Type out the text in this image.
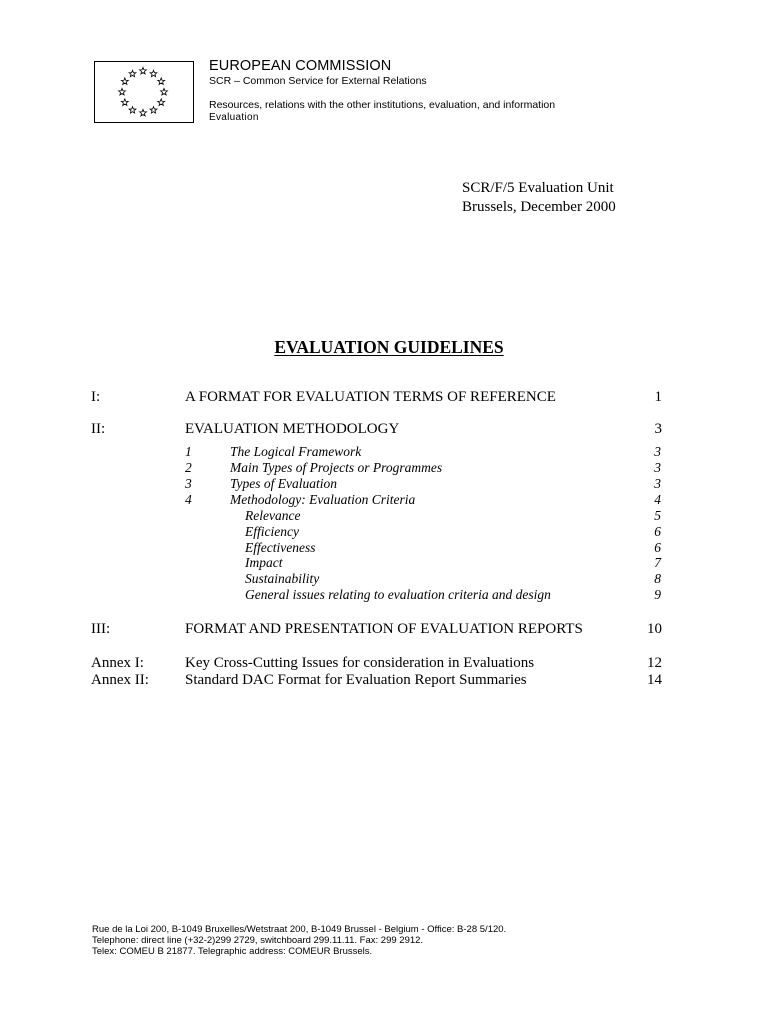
EUROPEAN COMMISSION
SCR – Common Service for External Relations
Resources, relations with the other institutions, evaluation, and information
Evaluation
SCR/F/5 Evaluation Unit
Brussels, December 2000
EVALUATION GUIDELINES
I:	A FORMAT FOR EVALUATION TERMS OF REFERENCE	1
II:	EVALUATION METHODOLOGY	3
1	The Logical Framework	3
2	Main Types of Projects or Programmes	3
3	Types of Evaluation	3
4	Methodology: Evaluation Criteria	4
Relevance	5
Efficiency	6
Effectiveness	6
Impact	7
Sustainability	8
General issues relating to evaluation criteria and design	9
III:	FORMAT AND PRESENTATION OF EVALUATION REPORTS	10
Annex I:	Key Cross-Cutting Issues for consideration in Evaluations	12
Annex II: Standard DAC Format for Evaluation Report Summaries	14
Rue de la Loi 200, B-1049 Bruxelles/Wetstraat 200, B-1049 Brussel - Belgium - Office: B-28 5/120.
Telephone: direct line (+32-2)299 2729, switchboard 299.11.11. Fax: 299 2912.
Telex: COMEU B 21877. Telegraphic address: COMEUR Brussels.
